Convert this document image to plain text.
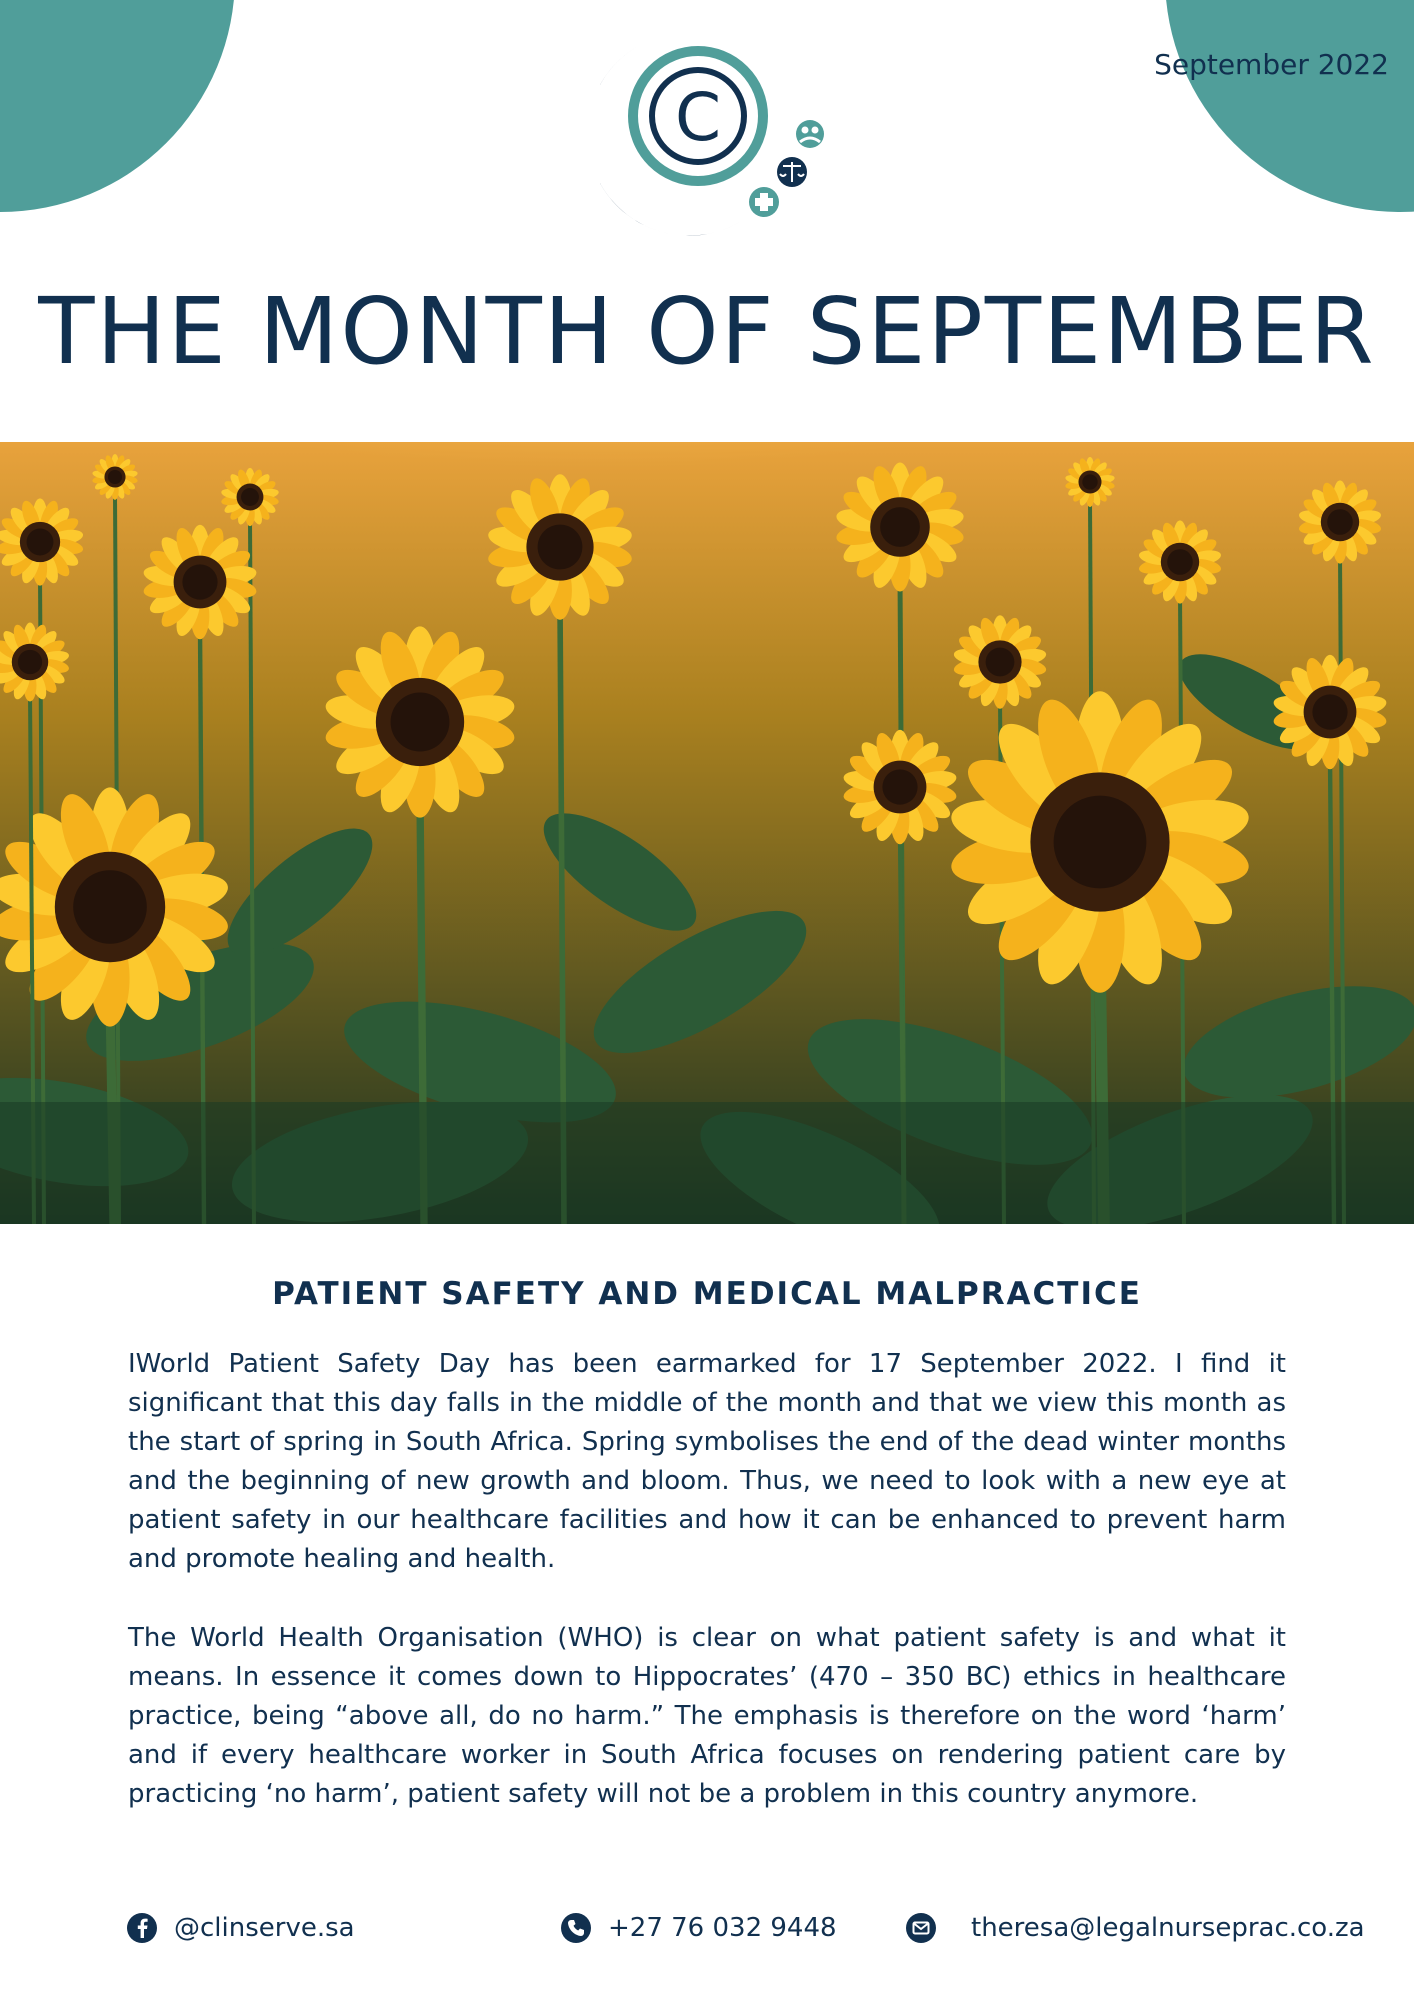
September 2022
C
THE MONTH OF SEPTEMBER
PATIENT SAFETY AND MEDICAL MALPRACTICE

IWorld Patient Safety Day has been earmarked for 17 September 2022. I find it significant that this day falls in the middle of the month and that we view this month as the start of spring in South Africa. Spring symbolises the end of the dead winter months and the beginning of new growth and bloom. Thus, we need to look with a new eye at patient safety in our healthcare facilities and how it can be enhanced to prevent harm and promote healing and health.

The World Health Organisation (WHO) is clear on what patient safety is and what it means. In essence it comes down to Hippocrates’ (470 – 350 BC) ethics in healthcare practice, being “above all, do no harm.” The emphasis is therefore on the word ‘harm’ and if every healthcare worker in South Africa focuses on rendering patient care by practicing ‘no harm’, patient safety will not be a problem in this country anymore.

@clinserve.sa	+27 76 032 9448	theresa@legalnurseprac.co.za
